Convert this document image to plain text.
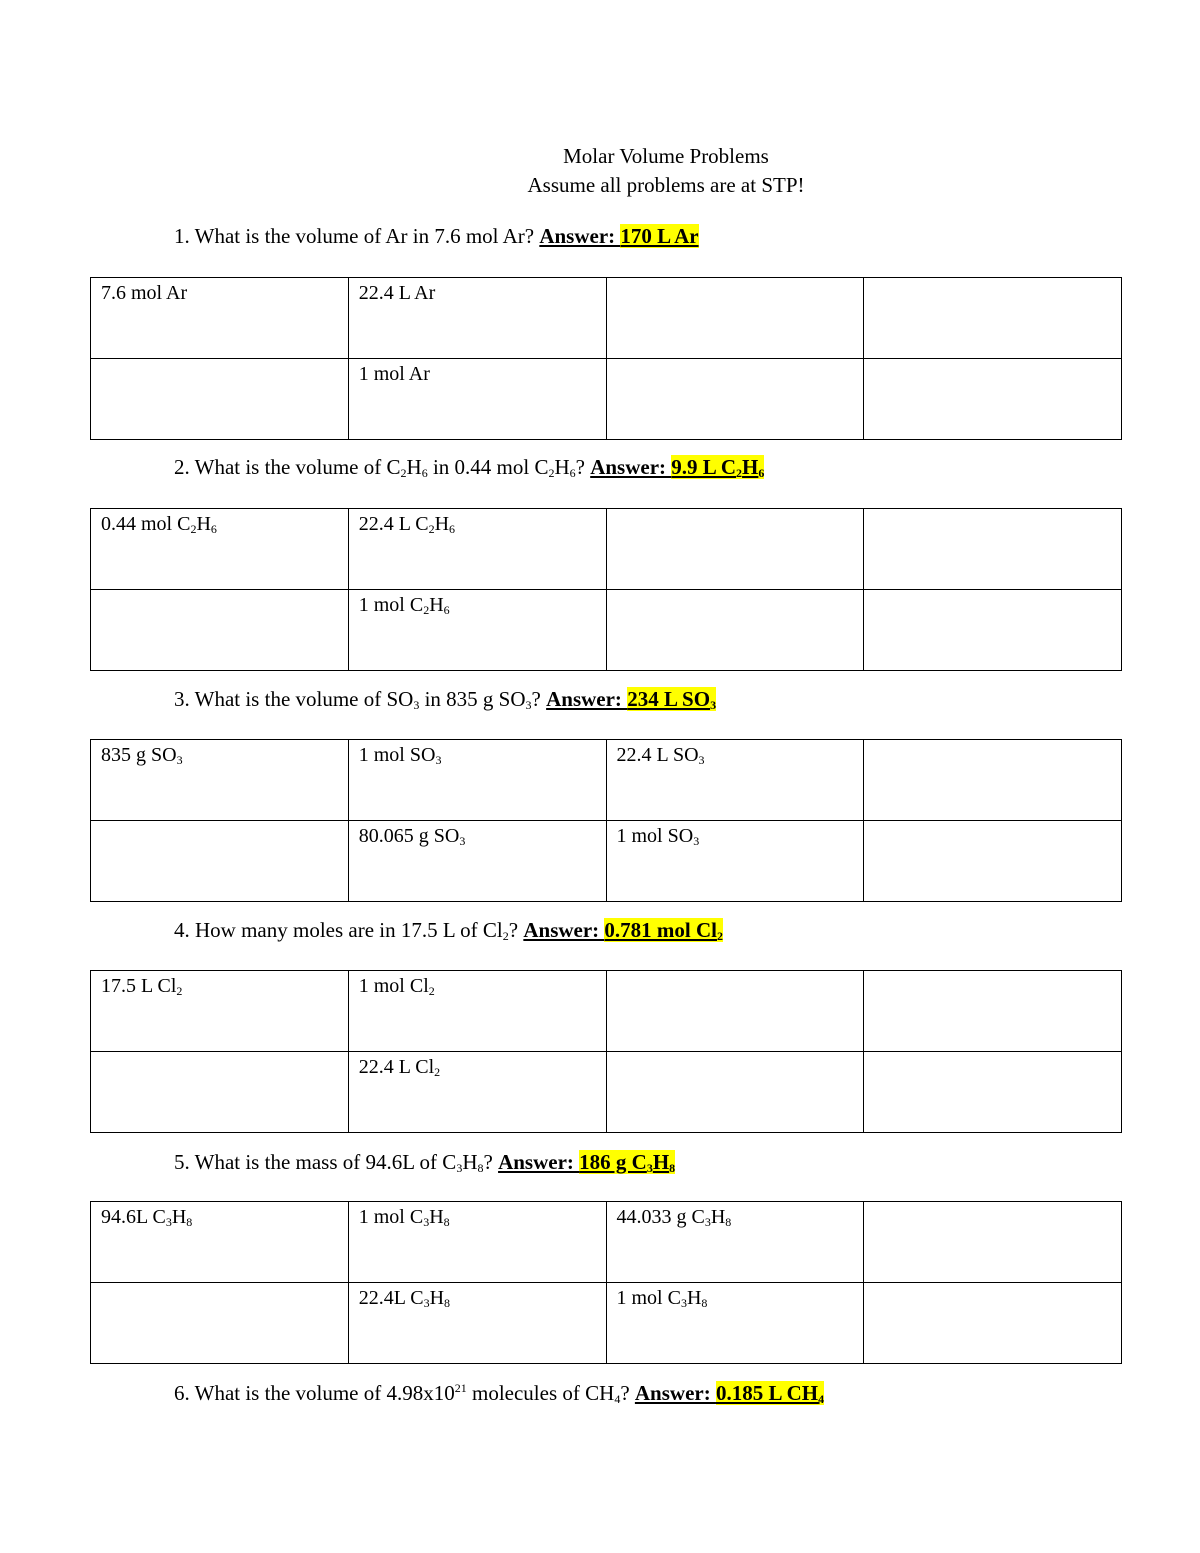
Molar Volume Problems
Assume all problems are at STP!
1. What is the volume of Ar in 7.6 mol Ar? Answer: 170 L Ar
7.6 mol Ar	22.4 L Ar		
	1 mol Ar		
2. What is the volume of $C_2H_6$ in 0.44 mol $C_2H_6$? Answer: 9.9 L $C_2H_6$
0.44 mol $C_2H_6$	22.4 L $C_2H_6$		
	1 mol $C_2H_6$		
3. What is the volume of $SO_3$ in 835 g $SO_3$? Answer: 234 L $SO_3$
835 g $SO_3$	1 mol $SO_3$	22.4 L $SO_3$	
	80.065 g $SO_3$	1 mol $SO_3$	
4. How many moles are in 17.5 L of $Cl_2$? Answer: 0.781 mol $Cl_2$
17.5 L $Cl_2$	1 mol $Cl_2$		
	22.4 L $Cl_2$		
5. What is the mass of 94.6L of $C_3H_8$? Answer: 186 g $C_3H_8$
94.6L $C_3H_8$	1 mol $C_3H_8$	44.033 g $C_3H_8$	
	22.4L $C_3H_8$	1 mol $C_3H_8$	
6. What is the volume of $4.98x10^{21}$ molecules of $CH_4$? Answer: 0.185 L $CH_4$
